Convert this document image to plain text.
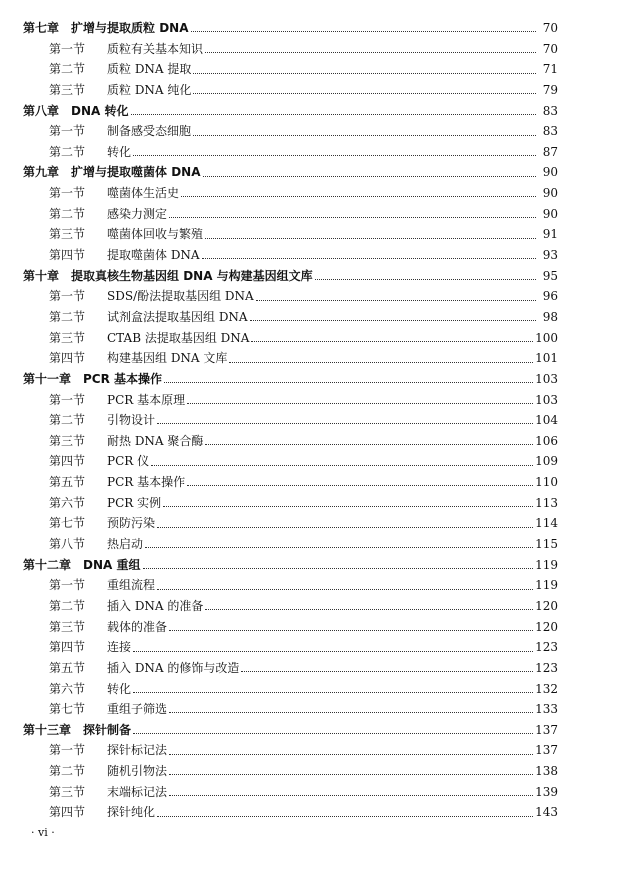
第七章 扩增与提取质粒 DNA	70
第一节	质粒有关基本知识	70
第二节	质粒 DNA 提取	71
第三节	质粒 DNA 纯化	79
第八章 DNA 转化	83
第一节	制备感受态细胞	83
第二节	转化	87
第九章 扩增与提取噬菌体 DNA	90
第一节	噬菌体生活史	90
第二节	感染力测定	90
第三节	噬菌体回收与繁殖	91
第四节	提取噬菌体 DNA	93
第十章 提取真核生物基因组 DNA 与构建基因组文库	95
第一节	SDS/酚法提取基因组 DNA	96
第二节	试剂盒法提取基因组 DNA	98
第三节	CTAB 法提取基因组 DNA	100
第四节	构建基因组 DNA 文库	101
第十一章 PCR 基本操作	103
第一节	PCR 基本原理	103
第二节	引物设计	104
第三节	耐热 DNA 聚合酶	106
第四节	PCR 仪	109
第五节	PCR 基本操作	110
第六节	PCR 实例	113
第七节	预防污染	114
第八节	热启动	115
第十二章 DNA 重组	119
第一节	重组流程	119
第二节	插入 DNA 的准备	120
第三节	载体的准备	120
第四节	连接	123
第五节	插入 DNA 的修饰与改造	123
第六节	转化	132
第七节	重组子筛选	133
第十三章 探针制备	137
第一节	探针标记法	137
第二节	随机引物法	138
第三节	末端标记法	139
第四节	探针纯化	143
· vi ·
